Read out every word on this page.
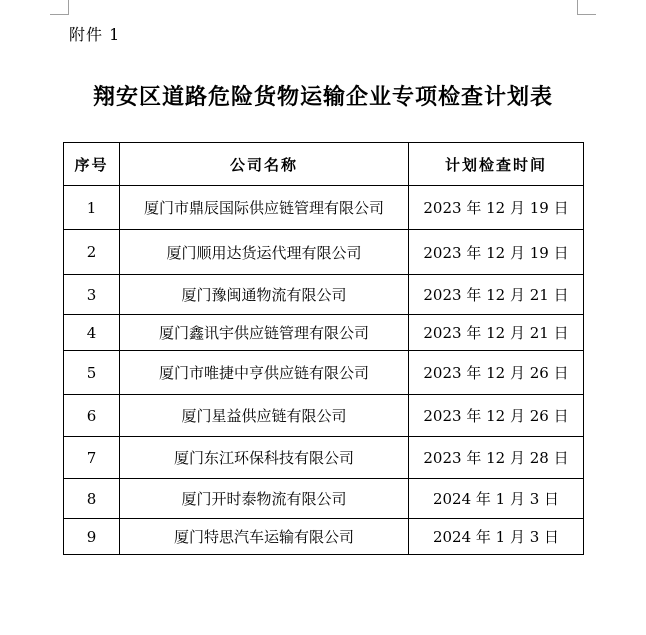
附件 1
翔安区道路危险货物运输企业专项检查计划表
序号	公司名称	计划检查时间
1	厦门市鼎辰国际供应链管理有限公司	2023 年 12 月 19 日
2	厦门顺用达货运代理有限公司	2023 年 12 月 19 日
3	厦门豫闽通物流有限公司	2023 年 12 月 21 日
4	厦门鑫讯宇供应链管理有限公司	2023 年 12 月 21 日
5	厦门市唯捷中亨供应链有限公司	2023 年 12 月 26 日
6	厦门星益供应链有限公司	2023 年 12 月 26 日
7	厦门东江环保科技有限公司	2023 年 12 月 28 日
8	厦门开时泰物流有限公司	2024 年 1 月 3 日
9	厦门特思汽车运输有限公司	2024 年 1 月 3 日
